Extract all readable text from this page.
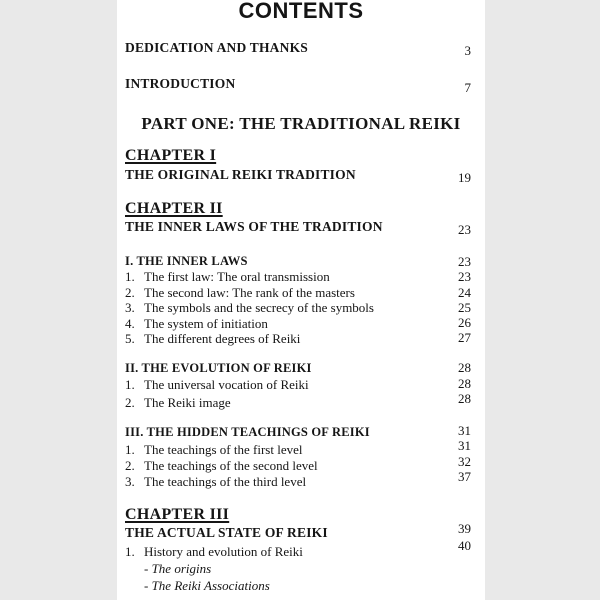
CONTENTS
DEDICATION AND THANKS	3
INTRODUCTION	7
PART ONE: THE TRADITIONAL REIKI
CHAPTER I
THE ORIGINAL REIKI TRADITION	19
CHAPTER II
THE INNER LAWS OF THE TRADITION	23
I. THE INNER LAWS	23
1. The first law: The oral transmission	23
2. The second law: The rank of the masters	24
3. The symbols and the secrecy of the symbols	25
4. The system of initiation	26
5. The different degrees of Reiki	27
II. THE EVOLUTION OF REIKI	28
1. The universal vocation of Reiki	28
2. The Reiki image	28
III. THE HIDDEN TEACHINGS OF REIKI	31
1. The teachings of the first level	31
2. The teachings of the second level	32
3. The teachings of the third level	37
CHAPTER III
THE ACTUAL STATE OF REIKI	39
1. History and evolution of Reiki	40
- The origins
- The Reiki Associations
